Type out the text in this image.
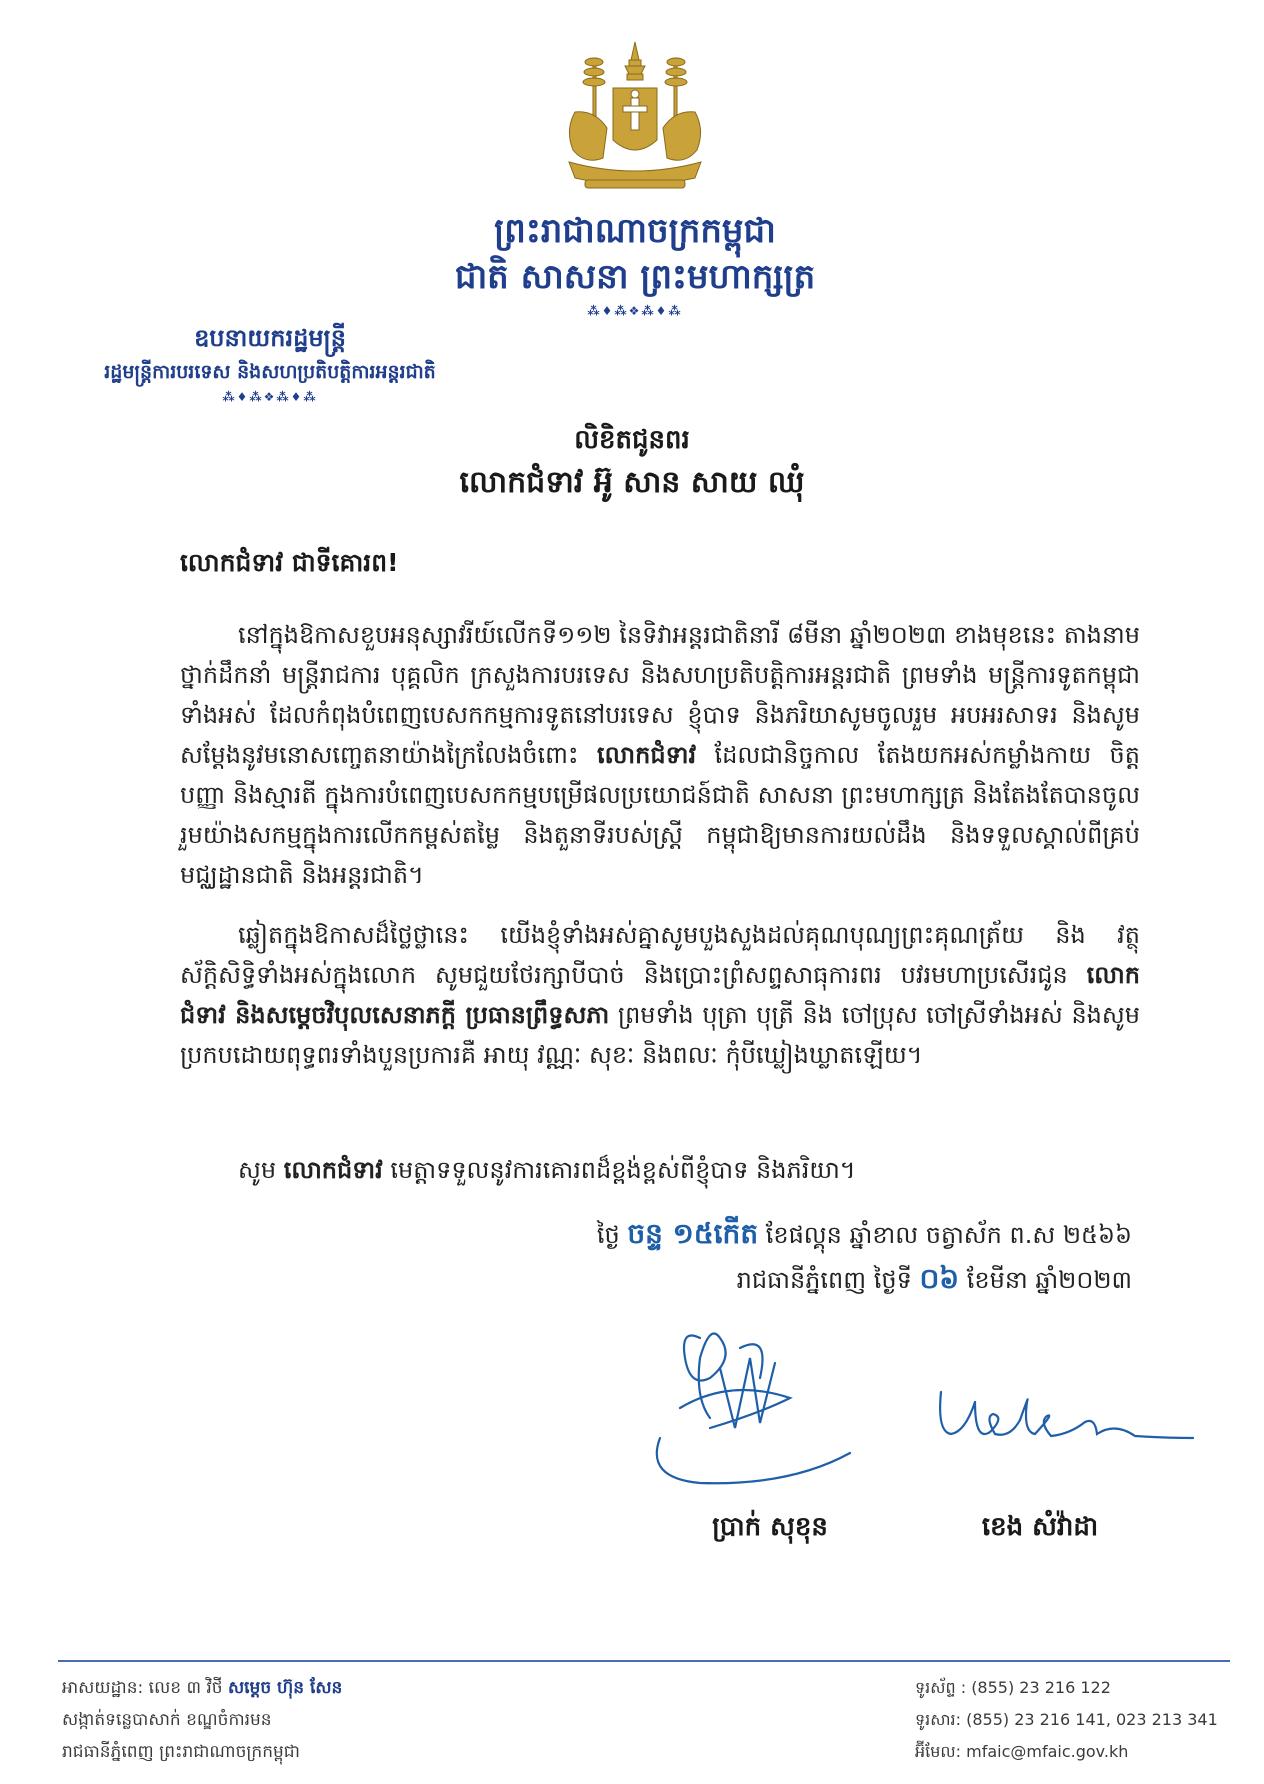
ព្រះរាជាណាចក្រកម្ពុជា
ជាតិ សាសនា ព្រះមហាក្សត្រ
⁂♦⁂❖⁂♦⁂
ឧបនាយករដ្ឋមន្ត្រី
រដ្ឋមន្ត្រីការបរទេស និងសហប្រតិបត្តិការអន្តរជាតិ
⁂♦⁂❖⁂♦⁂
លិខិតជូនពរ
លោកជំទាវ អ៊ូ សាន សាយ ឈុំ
លោកជំទាវ ជាទីគោរព!

នៅក្នុងឱកាសខួបអនុស្សាវរីយ៍លើកទី១១២ នៃទិវាអន្តរជាតិនារី ៨មីនា ឆ្នាំ២០២៣ ខាងមុខនេះ តាងនាមថ្នាក់ដឹកនាំ មន្ត្រីរាជការ បុគ្គលិក ក្រសួងការបរទេស និងសហប្រតិបត្តិការអន្តរជាតិ ព្រមទាំង មន្ត្រីការទូតកម្ពុជាទាំងអស់ ដែលកំពុងបំពេញបេសកកម្មការទូតនៅបរទេស ខ្ញុំបាទ និងភរិយាសូមចូលរួម អបអរសាទរ និងសូមសម្តែងនូវមនោសញ្ចេតនាយ៉ាងក្រៃលែងចំពោះ លោកជំទាវ ដែលជានិច្ចកាល តែងយកអស់កម្លាំងកាយ ចិត្ត បញ្ញា និងស្មារតី ក្នុងការបំពេញបេសកកម្មបម្រើផលប្រយោជន៍ជាតិ សាសនា ព្រះមហាក្សត្រ និងតែងតែបានចូលរួមយ៉ាងសកម្មក្នុងការលើកកម្ពស់តម្លៃ និងតួនាទីរបស់ស្ត្រី កម្ពុជាឱ្យមានការយល់ដឹង និងទទួលស្គាល់ពីគ្រប់មជ្ឈដ្ឋានជាតិ និងអន្តរជាតិ។

ឆ្លៀតក្នុងឱកាសដ៏ថ្លៃថ្លានេះ យើងខ្ញុំទាំងអស់គ្នាសូមបួងសួងដល់គុណបុណ្យព្រះគុណត្រ័យ និង វត្ថុស័ក្តិសិទ្ធិទាំងអស់ក្នុងលោក សូមជួយថែរក្សាបីបាច់ និងប្រោះព្រំសព្ទសាធុការពរ បវរមហាប្រសើរជូន លោកជំទាវ និងសម្តេចវិបុលសេនាភក្តី ប្រធានព្រឹទ្ធសភា ព្រមទាំង បុត្រា បុត្រី និង ចៅប្រុស ចៅស្រីទាំងអស់ និងសូមប្រកបដោយពុទ្ធពរទាំងបួនប្រការគឺ អាយុ វណ្ណៈ សុខៈ និងពលៈ កុំបីឃ្លៀងឃ្លាតឡើយ។

សូម លោកជំទាវ មេត្តាទទួលនូវការគោរពដ៏ខ្ពង់ខ្ពស់ពីខ្ញុំបាទ និងភរិយា។
ថ្ងៃ ចន្ទ ១៥កើត ខែផល្គុន ឆ្នាំខាល ចត្វាស័ក ព.ស ២៥៦៦
រាជធានីភ្នំពេញ ថ្ងៃទី ០៦ ខែមីនា ឆ្នាំ២០២៣
ប្រាក់ សុខុន	ខេង សំវ៉ាដា
អាសយដ្ឋាន: លេខ ៣ វិថី សម្តេច ហ៊ុន សែន
សង្កាត់ទន្លេបាសាក់ ខណ្ឌចំការមន
រាជធានីភ្នំពេញ ព្រះរាជាណាចក្រកម្ពុជា
ទូរស័ព្ទ : (855) 23 216 122
ទូរសារ: (855) 23 216 141, 023 213 341
អ៊ីមែល: mfaic@mfaic.gov.kh
